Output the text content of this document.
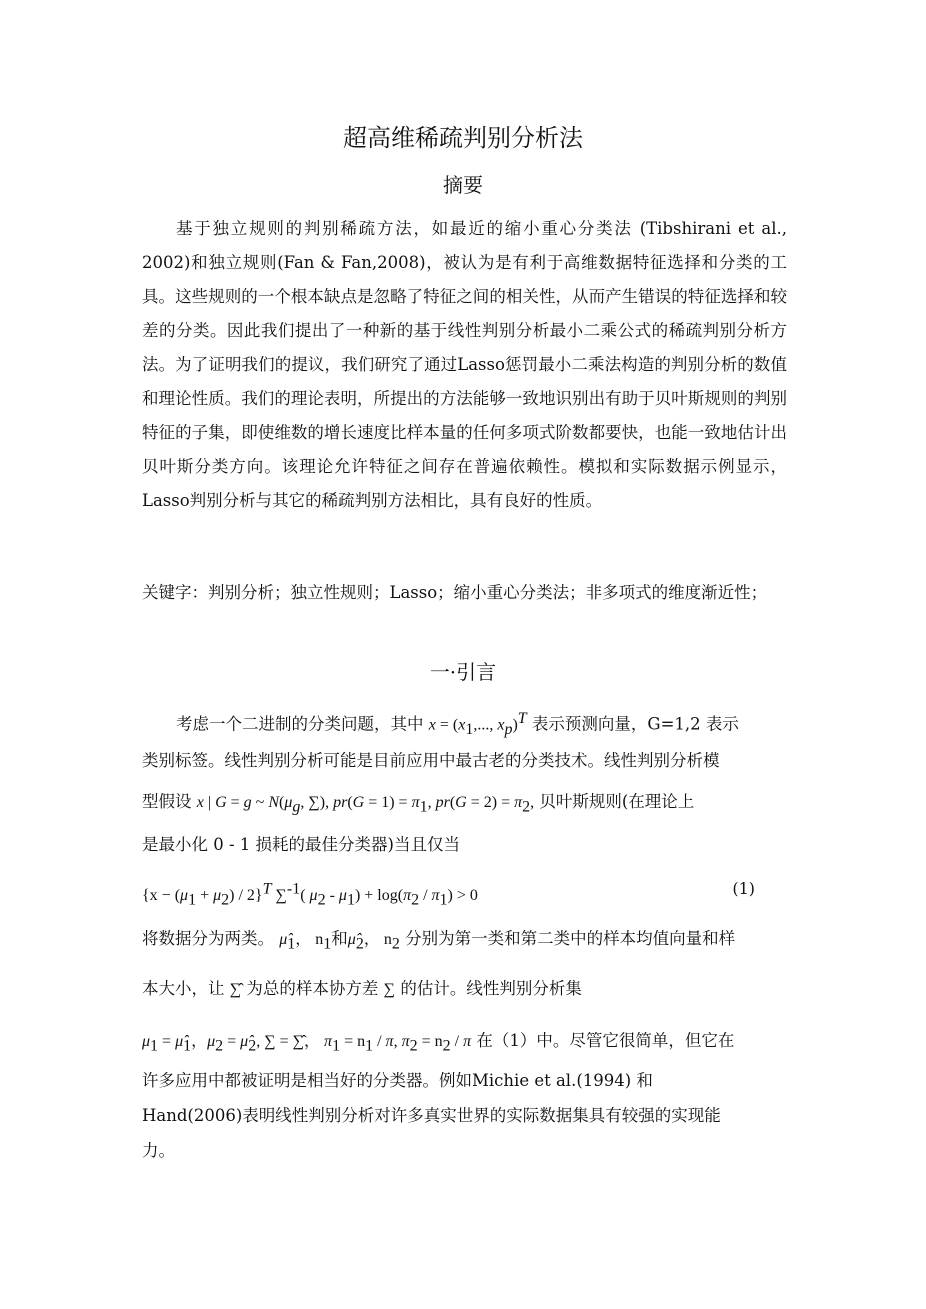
超高维稀疏判别分析法
摘要

基于独立规则的判别稀疏方法，如最近的缩小重心分类法 (Tibshirani et al., 2002)和独立规则(Fan & Fan,2008)，被认为是有利于高维数据特征选择和分类的工具。这些规则的一个根本缺点是忽略了特征之间的相关性，从而产生错误的特征选择和较差的分类。因此我们提出了一种新的基于线性判别分析最小二乘公式的稀疏判别分析方法。为了证明我们的提议，我们研究了通过Lasso惩罚最小二乘法构造的判别分析的数值和理论性质。我们的理论表明，所提出的方法能够一致地识别出有助于贝叶斯规则的判别特征的子集，即使维数的增长速度比样本量的任何多项式阶数都要快，也能一致地估计出贝叶斯分类方向。该理论允许特征之间存在普遍依赖性。模拟和实际数据示例显示，Lasso判别分析与其它的稀疏判别方法相比，具有良好的性质。

关键字：判别分析；独立性规则；Lasso；缩小重心分类法；非多项式的维度渐近性；

一·引言
考虑一个二进制的分类问题，其中 $x = (x_1$,..., $x_p)^T$ 表示预测向量，G=1,2 表示
类别标签。线性判别分析可能是目前应用中最古老的分类技术。线性判别分析模
型假设 x | G = g ~ $N(\mu_g$, ∑), $pr(G = 1) = \pi_1$, $pr(G = 2) = \pi_2$, 贝叶斯规则(在理论上
是最小化 0 - 1 损耗的最佳分类器)当且仅当
$\{x - (\mu_1 + \mu_2) / 2\}^T$ ∑$^{-1}$( $\mu_2 - \mu_1) + \log(\pi_2 / \pi_1) > 0$	(1)
将数据分为两类。 $\mû_1$， $n_1$和$\mû_2$， $n_2$ 分别为第一类和第二类中的样本均值向量和样
本大小，让 ∑̂ 为总的样本协方差 ∑ 的估计。线性判别分析集
$\mu_1$ = $\mû_1$，$\mu_2$ = $\mû_2$, ∑ = ∑̂， $\pi_1 = n_1 / \pi$, $\pi_2 = n_2 / \pi$ 在（1）中。尽管它很简单，但它在
许多应用中都被证明是相当好的分类器。例如Michie et al.(1994) 和
Hand(2006)表明线性判别分析对许多真实世界的实际数据集具有较强的实现能
力。
